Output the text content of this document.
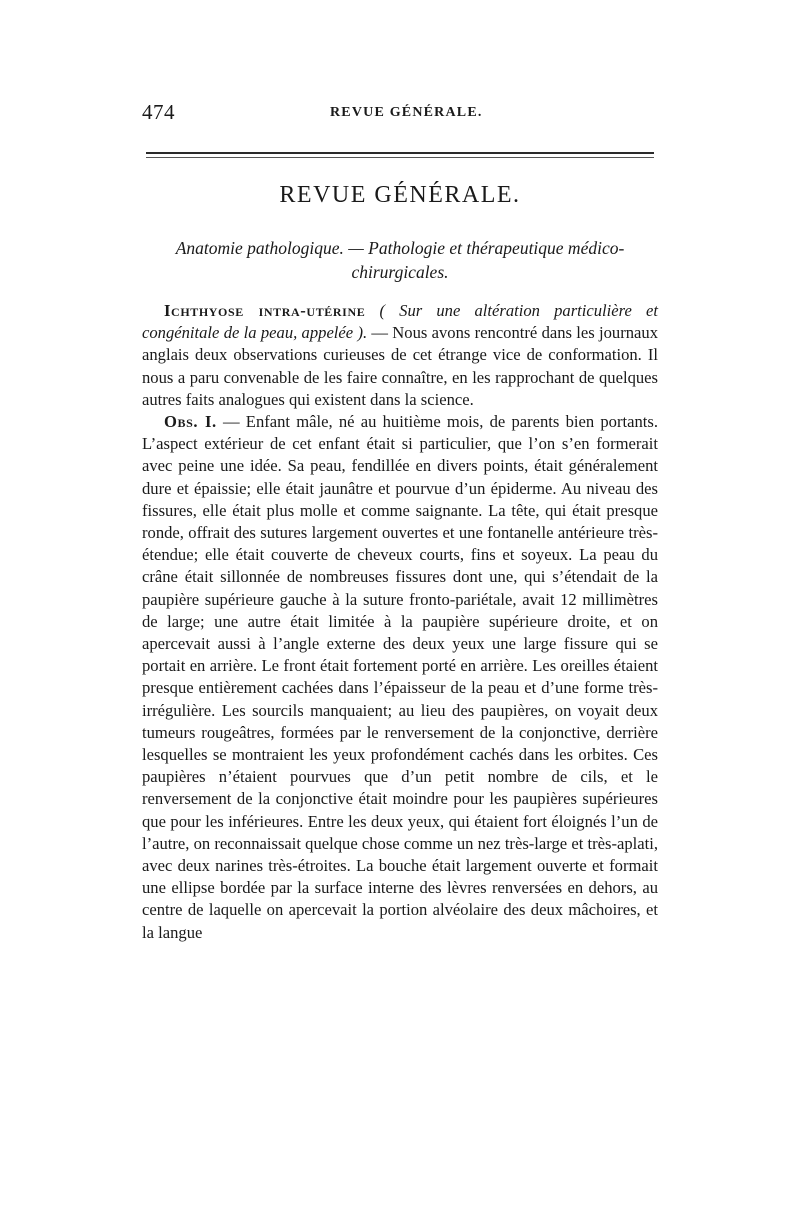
474	REVUE GÉNÉRALE.
REVUE GÉNÉRALE.
Anatomie pathologique. — Pathologie et thérapeutique médico-chirurgicales.

Ichthyose intra-utérine ( Sur une altération particulière et congénitale de la peau, appelée ). — Nous avons rencontré dans les journaux anglais deux observations curieuses de cet étrange vice de conformation. Il nous a paru convenable de les faire connaître, en les rapprochant de quelques autres faits analogues qui existent dans la science.

Obs. I. — Enfant mâle, né au huitième mois, de parents bien portants. L’aspect extérieur de cet enfant était si particulier, que l’on s’en formerait avec peine une idée. Sa peau, fendillée en divers points, était généralement dure et épaissie; elle était jaunâtre et pourvue d’un épiderme. Au niveau des fissures, elle était plus molle et comme saignante. La tête, qui était presque ronde, offrait des sutures largement ouvertes et une fontanelle antérieure très-étendue; elle était couverte de cheveux courts, fins et soyeux. La peau du crâne était sillonnée de nombreuses fissures dont une, qui s’étendait de la paupière supérieure gauche à la suture fronto-pariétale, avait 12 millimètres de large; une autre était limitée à la paupière supérieure droite, et on apercevait aussi à l’angle externe des deux yeux une large fissure qui se portait en arrière. Le front était fortement porté en arrière. Les oreilles étaient presque entièrement cachées dans l’épaisseur de la peau et d’une forme très-irrégulière. Les sourcils manquaient; au lieu des paupières, on voyait deux tumeurs rougeâtres, formées par le renversement de la conjonctive, derrière lesquelles se montraient les yeux profondément cachés dans les orbites. Ces paupières n’étaient pourvues que d’un petit nombre de cils, et le renversement de la conjonctive était moindre pour les paupières supérieures que pour les inférieures. Entre les deux yeux, qui étaient fort éloignés l’un de l’autre, on reconnaissait quelque chose comme un nez très-large et très-aplati, avec deux narines très-étroites. La bouche était largement ouverte et formait une ellipse bordée par la surface interne des lèvres renversées en dehors, au centre de laquelle on apercevait la portion alvéolaire des deux mâchoires, et la langue
